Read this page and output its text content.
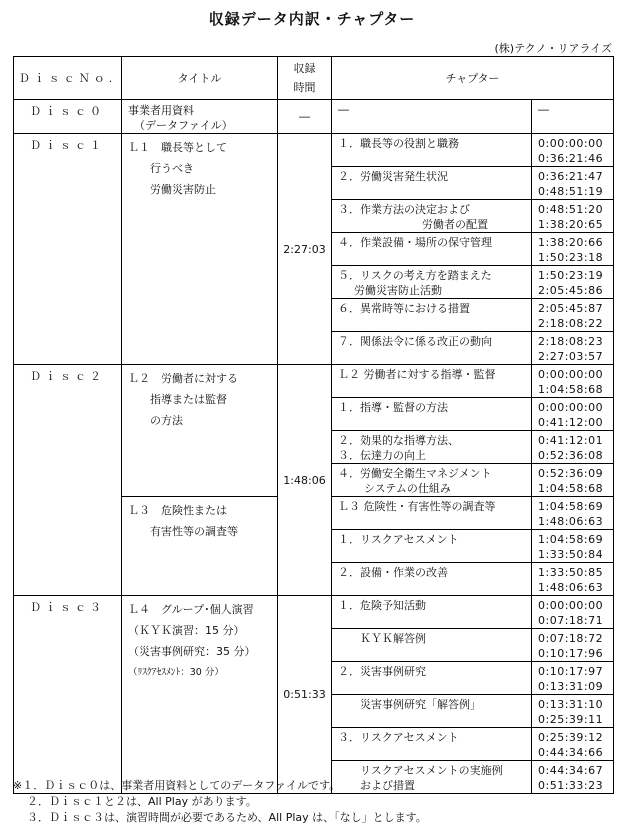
収録データ内訳・チャプター
(株)テクノ・リアライズ
ＤｉｓｃＮｏ.	タイトル	収録
時間	チャプター	
Ｄｉｓｃ０	事業者用資料
（データファイル）	―	―	―
Ｄｉｓｃ１	Ｌ１　職長等として
行うべき
労働災害防止	2:27:03	１．職長等の役割と職務	0:00:00:00
0:36:21:46

			２．労働災害発生状況	0:36:21:47
0:48:51:19

			３．作業方法の決定および
労働者の配置	0:48:51:20
1:38:20:65

			４．作業設備・場所の保守管理	1:38:20:66
1:50:23:18

			５．リスクの考え方を踏まえた
労働災害防止活動	1:50:23:19
2:05:45:86

			６．異常時等における措置	2:05:45:87
2:18:08:22

			７．関係法令に係る改正の動向	2:18:08:23
2:27:03:57

Ｄｉｓｃ２	Ｌ２　労働者に対する
指導または監督
の方法	1:48:06	Ｌ２ 労働者に対する指導・監督	0:00:00:00
1:04:58:68

			１．指導・監督の方法	0:00:00:00
0:41:12:00

			２．効果的な指導方法、
３．伝達力の向上	0:41:12:01
0:52:36:08

			４．労働安全衛生マネジメント
システムの仕組み	0:52:36:09
1:04:58:68

	Ｌ３　危険性または
有害性等の調査等		Ｌ３ 危険性・有害性等の調査等	1:04:58:69
1:48:06:63

			１．リスクアセスメント	1:04:58:69
1:33:50:84

			２．設備・作業の改善	1:33:50:85
1:48:06:63

Ｄｉｓｃ３	Ｌ４　グループ･個人演習
（ＫＹＫ演習：15 分）
（災害事例研究：35 分）
（ﾘｽｸｱｾｽﾒﾝﾄ：30 分）	0:51:33	１．危険予知活動	0:00:00:00
0:07:18:71

			ＫＹＫ解答例	0:07:18:72
0:10:17:96

			２．災害事例研究	0:10:17:97
0:13:31:09

			災害事例研究「解答例」	0:13:31:10
0:25:39:11

			３．リスクアセスメント	0:25:39:12
0:44:34:66

			リスクアセスメントの実施例
および措置	0:44:34:67
0:51:33:23
※１．Ｄｉｓｃ０は、事業者用資料としてのデータファイルです。
２．Ｄｉｓｃ１と２は、All Play があります。
３．Ｄｉｓｃ３は、演習時間が必要であるため、All Play は、「なし」とします。
